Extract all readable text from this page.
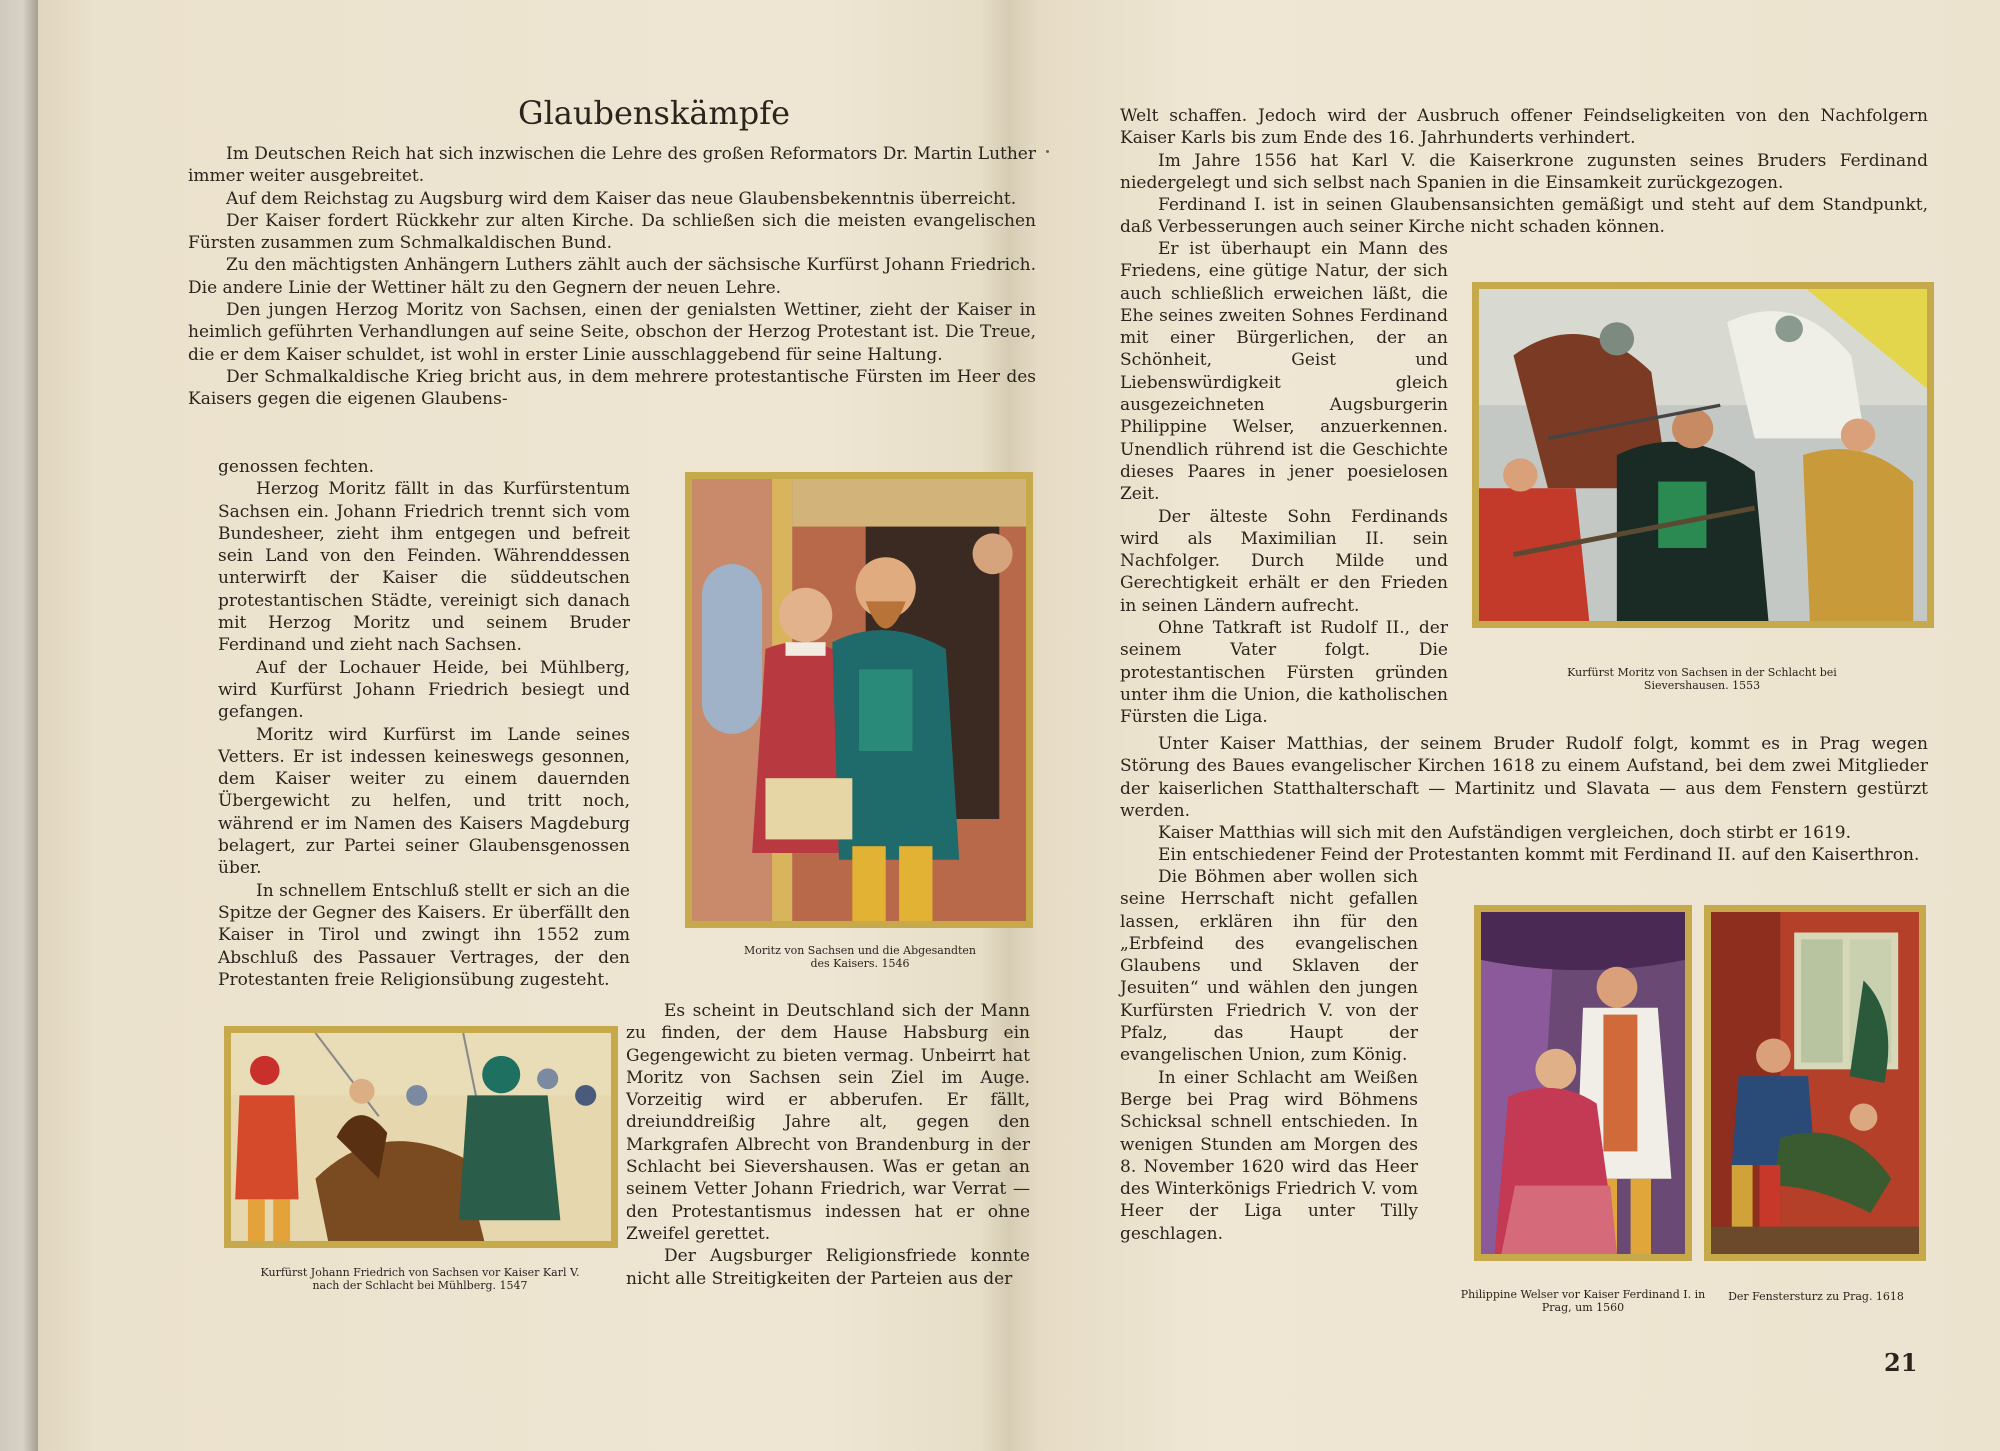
Glaubenskämpfe

Im Deutschen Reich hat sich inzwischen die Lehre des großen Reformators Dr. Martin Luther immer weiter ausgebreitet.

Auf dem Reichstag zu Augsburg wird dem Kaiser das neue Glaubensbekenntnis überreicht.

Der Kaiser fordert Rückkehr zur alten Kirche. Da schließen sich die meisten evangelischen Fürsten zusammen zum Schmalkaldischen Bund.

Zu den mächtigsten Anhängern Luthers zählt auch der sächsische Kurfürst Johann Friedrich. Die andere Linie der Wettiner hält zu den Gegnern der neuen Lehre.

Den jungen Herzog Moritz von Sachsen, einen der genialsten Wettiner, zieht der Kaiser in heimlich geführten Verhandlungen auf seine Seite, obschon der Herzog Protestant ist. Die Treue, die er dem Kaiser schuldet, ist wohl in erster Linie ausschlaggebend für seine Haltung.

Der Schmalkaldische Krieg bricht aus, in dem mehrere protestantische Fürsten im Heer des Kaisers gegen die eigenen Glaubens-

genossen fechten.

Herzog Moritz fällt in das Kurfürstentum Sachsen ein. Johann Friedrich trennt sich vom Bundesheer, zieht ihm entgegen und befreit sein Land von den Feinden. Währenddessen unterwirft der Kaiser die süddeutschen protestantischen Städte, vereinigt sich danach mit Herzog Moritz und seinem Bruder Ferdinand und zieht nach Sachsen.

Auf der Lochauer Heide, bei Mühlberg, wird Kurfürst Johann Friedrich besiegt und gefangen.

Moritz wird Kurfürst im Lande seines Vetters. Er ist indessen keineswegs gesonnen, dem Kaiser weiter zu einem dauernden Übergewicht zu helfen, und tritt noch, während er im Namen des Kaisers Magdeburg belagert, zur Partei seiner Glaubensgenossen über.

In schnellem Entschluß stellt er sich an die Spitze der Gegner des Kaisers. Er überfällt den Kaiser in Tirol und zwingt ihn 1552 zum Abschluß des Passauer Vertrages, der den Protestanten freie Religionsübung zugesteht.

Es scheint in Deutschland sich der Mann zu finden, der dem Hause Habsburg ein Gegengewicht zu bieten vermag. Unbeirrt hat Moritz von Sachsen sein Ziel im Auge. Vorzeitig wird er abberufen. Er fällt, dreiunddreißig Jahre alt, gegen den Markgrafen Albrecht von Brandenburg in der Schlacht bei Sievershausen. Was er getan an seinem Vetter Johann Friedrich, war Verrat — den Protestantismus indessen hat er ohne Zweifel gerettet.

Der Augsburger Religionsfriede konnte nicht alle Streitigkeiten der Parteien aus der

Welt schaffen. Jedoch wird der Ausbruch offener Feindseligkeiten von den Nachfolgern Kaiser Karls bis zum Ende des 16. Jahrhunderts verhindert.

Im Jahre 1556 hat Karl V. die Kaiserkrone zugunsten seines Bruders Ferdinand niedergelegt und sich selbst nach Spanien in die Einsamkeit zurückgezogen.

Ferdinand I. ist in seinen Glaubensansichten gemäßigt und steht auf dem Standpunkt, daß Verbesserungen auch seiner Kirche nicht schaden können.

Er ist überhaupt ein Mann des Friedens, eine gütige Natur, der sich auch schließlich erweichen läßt, die Ehe seines zweiten Sohnes Ferdinand mit einer Bürgerlichen, der an Schönheit, Geist und Liebenswürdigkeit gleich ausgezeichneten Augsburgerin Philippine Welser, anzuerkennen. Unendlich rührend ist die Geschichte dieses Paares in jener poesielosen Zeit.

Der älteste Sohn Ferdinands wird als Maximilian II. sein Nachfolger. Durch Milde und Gerechtigkeit erhält er den Frieden in seinen Ländern aufrecht.

Ohne Tatkraft ist Rudolf II., der seinem Vater folgt. Die protestantischen Fürsten gründen unter ihm die Union, die katholischen Fürsten die Liga.

Unter Kaiser Matthias, der seinem Bruder Rudolf folgt, kommt es in Prag wegen Störung des Baues evangelischer Kirchen 1618 zu einem Aufstand, bei dem zwei Mitglieder der kaiserlichen Statthalterschaft — Martinitz und Slavata — aus dem Fenstern gestürzt werden.

Kaiser Matthias will sich mit den Aufständigen vergleichen, doch stirbt er 1619.

Ein entschiedener Feind der Protestanten kommt mit Ferdinand II. auf den Kaiserthron.

Die Böhmen aber wollen sich seine Herrschaft nicht gefallen lassen, erklären ihn für den „Erbfeind des evangelischen Glaubens und Sklaven der Jesuiten“ und wählen den jungen Kurfürsten Friedrich V. von der Pfalz, das Haupt der evangelischen Union, zum König.

In einer Schlacht am Weißen Berge bei Prag wird Böhmens Schicksal schnell entschieden. In wenigen Stunden am Morgen des 8. November 1620 wird das Heer des Winterkönigs Friedrich V. vom Heer der Liga unter Tilly geschlagen.

Moritz von Sachsen und die Abgesandten des Kaisers. 1546
Kurfürst Johann Friedrich von Sachsen vor Kaiser Karl V. nach der Schlacht bei Mühlberg. 1547
Kurfürst Moritz von Sachsen in der Schlacht bei Sievershausen. 1553
Philippine Welser vor Kaiser Ferdinand I. in Prag, um 1560
Der Fenstersturz zu Prag. 1618
21
